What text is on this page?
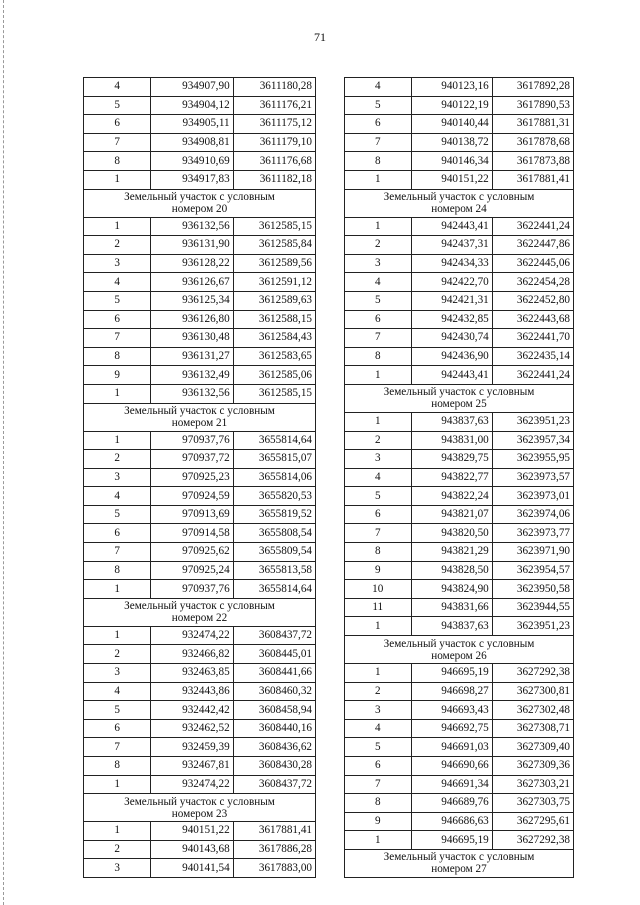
71
4	934907,90	3611180,28
5	934904,12	3611176,21
6	934905,11	3611175,12
7	934908,81	3611179,10
8	934910,69	3611176,68
1	934917,83	3611182,18

Земельный участок с условным
номером 20		

1	936132,56	3612585,15
2	936131,90	3612585,84
3	936128,22	3612589,56
4	936126,67	3612591,12
5	936125,34	3612589,63
6	936126,80	3612588,15
7	936130,48	3612584,43
8	936131,27	3612583,65
9	936132,49	3612585,06
1	936132,56	3612585,15

Земельный участок с условным
номером 21		

1	970937,76	3655814,64
2	970937,72	3655815,07
3	970925,23	3655814,06
4	970924,59	3655820,53
5	970913,69	3655819,52
6	970914,58	3655808,54
7	970925,62	3655809,54
8	970925,24	3655813,58
1	970937,76	3655814,64

Земельный участок с условным
номером 22		

1	932474,22	3608437,72
2	932466,82	3608445,01
3	932463,85	3608441,66
4	932443,86	3608460,32
5	932442,42	3608458,94
6	932462,52	3608440,16
7	932459,39	3608436,62
8	932467,81	3608430,28
1	932474,22	3608437,72

Земельный участок с условным
номером 23		

1	940151,22	3617881,41
2	940143,68	3617886,28
3	940141,54	3617883,00
4	940123,16	3617892,28
5	940122,19	3617890,53
6	940140,44	3617881,31
7	940138,72	3617878,68
8	940146,34	3617873,88
1	940151,22	3617881,41

Земельный участок с условным
номером 24		

1	942443,41	3622441,24
2	942437,31	3622447,86
3	942434,33	3622445,06
4	942422,70	3622454,28
5	942421,31	3622452,80
6	942432,85	3622443,68
7	942430,74	3622441,70
8	942436,90	3622435,14
1	942443,41	3622441,24

Земельный участок с условным
номером 25		

1	943837,63	3623951,23
2	943831,00	3623957,34
3	943829,75	3623955,95
4	943822,77	3623973,57
5	943822,24	3623973,01
6	943821,07	3623974,06
7	943820,50	3623973,77
8	943821,29	3623971,90
9	943828,50	3623954,57
10	943824,90	3623950,58
11	943831,66	3623944,55
1	943837,63	3623951,23

Земельный участок с условным
номером 26		

1	946695,19	3627292,38
2	946698,27	3627300,81
3	946693,43	3627302,48
4	946692,75	3627308,71
5	946691,03	3627309,40
6	946690,66	3627309,36
7	946691,34	3627303,21
8	946689,76	3627303,75
9	946686,63	3627295,61
1	946695,19	3627292,38

Земельный участок с условным
номером 27		
